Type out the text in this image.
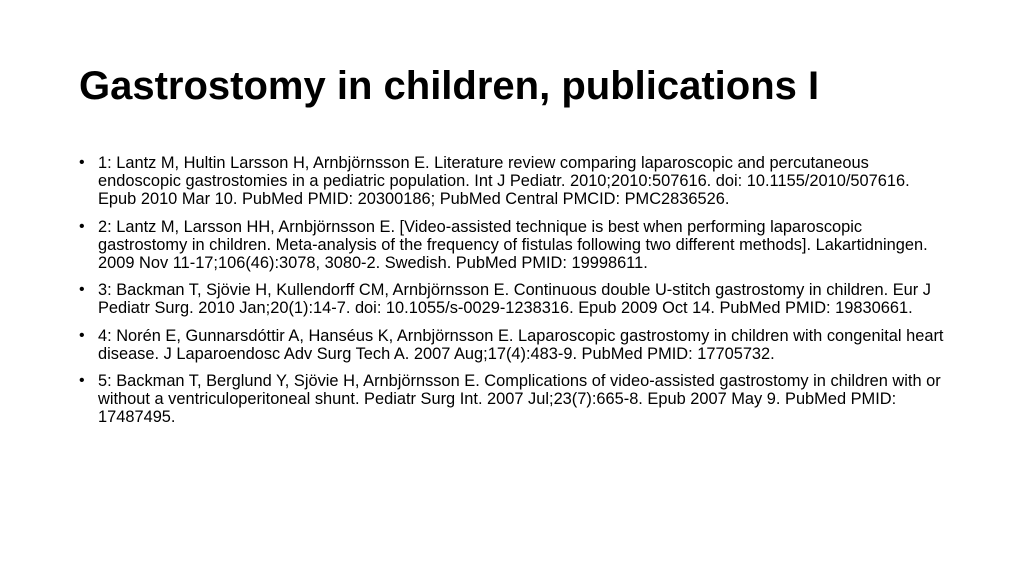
Gastrostomy in children, publications I
• 1: Lantz M, Hultin Larsson H, Arnbjörnsson E. Literature review comparing laparoscopic and percutaneous endoscopic gastrostomies in a pediatric population. Int J Pediatr. 2010;2010:507616. doi: 10.1155/2010/507616. Epub 2010 Mar 10. PubMed PMID: 20300186; PubMed Central PMCID: PMC2836526.
• 2: Lantz M, Larsson HH, Arnbjörnsson E. [Video-assisted technique is best when performing laparoscopic gastrostomy in children. Meta-analysis of the frequency of fistulas following two different methods]. Lakartidningen. 2009 Nov 11-17;106(46):3078, 3080-2. Swedish. PubMed PMID: 19998611.
• 3: Backman T, Sjövie H, Kullendorff CM, Arnbjörnsson E. Continuous double U-stitch gastrostomy in children. Eur J Pediatr Surg. 2010 Jan;20(1):14-7. doi: 10.1055/s-0029-1238316. Epub 2009 Oct 14. PubMed PMID: 19830661.
• 4: Norén E, Gunnarsdóttir A, Hanséus K, Arnbjörnsson E. Laparoscopic gastrostomy in children with congenital heart disease. J Laparoendosc Adv Surg Tech A. 2007 Aug;17(4):483-9. PubMed PMID: 17705732.
• 5: Backman T, Berglund Y, Sjövie H, Arnbjörnsson E. Complications of video-assisted gastrostomy in children with or without a ventriculoperitoneal shunt. Pediatr Surg Int. 2007 Jul;23(7):665-8. Epub 2007 May 9. PubMed PMID: 17487495.
